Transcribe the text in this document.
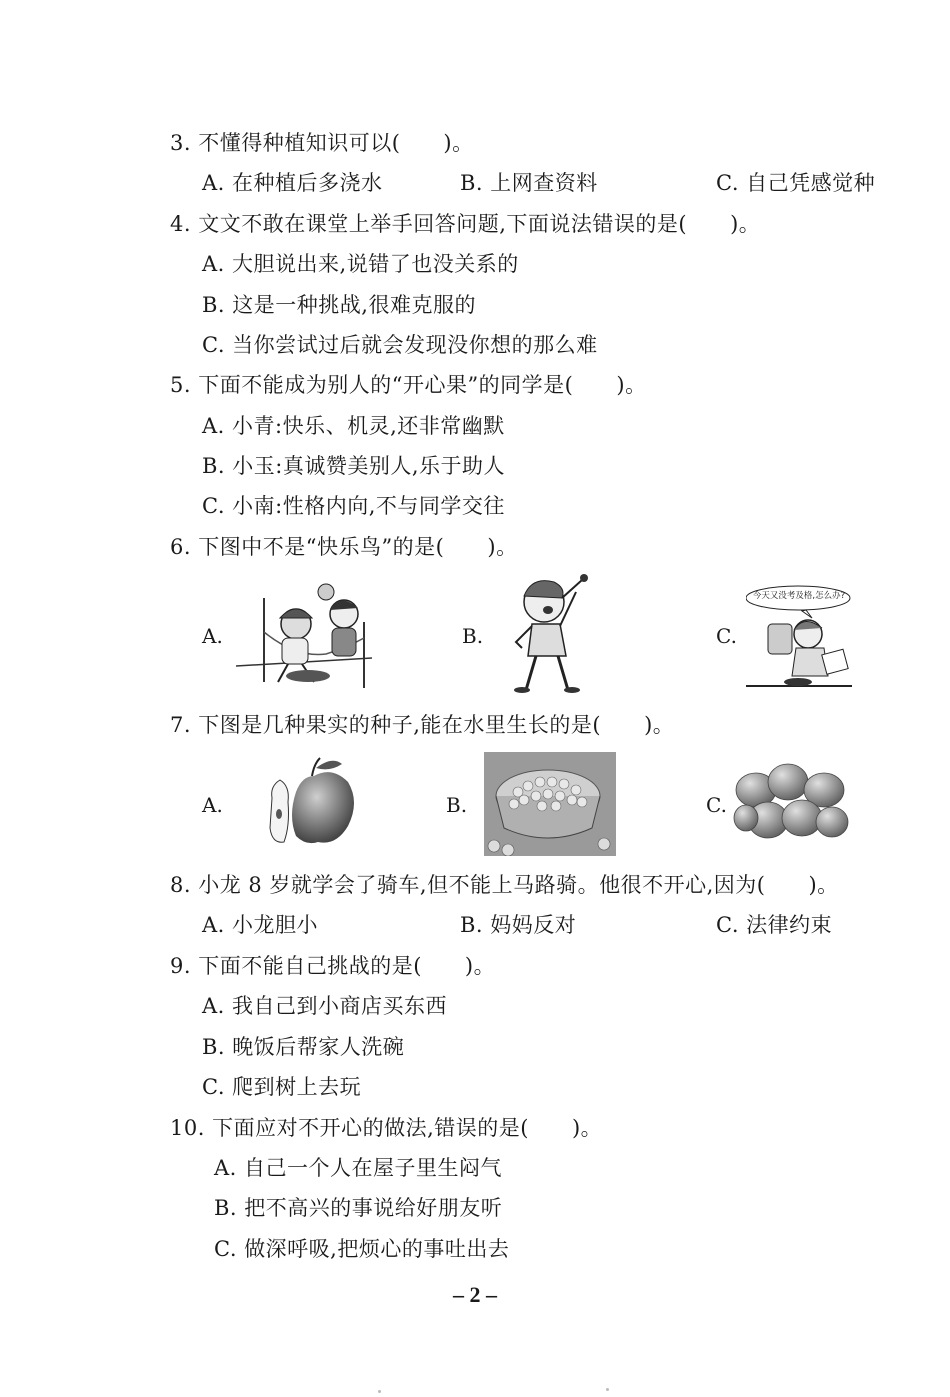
3. 不懂得种植知识可以(　　)。
A. 在种植后多浇水	B. 上网查资料	C. 自己凭感觉种
4. 文文不敢在课堂上举手回答问题,下面说法错误的是(　　)。
A. 大胆说出来,说错了也没关系的
B. 这是一种挑战,很难克服的
C. 当你尝试过后就会发现没你想的那么难
5. 下面不能成为别人的“开心果”的同学是(　　)。
A. 小青:快乐、机灵,还非常幽默
B. 小玉:真诚赞美别人,乐于助人
C. 小南:性格内向,不与同学交往
6. 下图中不是“快乐鸟”的是(　　)。
A.	B.	C.
今天又没考及格,怎么办?
7. 下图是几种果实的种子,能在水里生长的是(　　)。
A.	B.	C.
8. 小龙 8 岁就学会了骑车,但不能上马路骑。他很不开心,因为(　　)。
A. 小龙胆小	B. 妈妈反对	C. 法律约束
9. 下面不能自己挑战的是(　　)。
A. 我自己到小商店买东西
B. 晚饭后帮家人洗碗
C. 爬到树上去玩
10. 下面应对不开心的做法,错误的是(　　)。
A. 自己一个人在屋子里生闷气
B. 把不高兴的事说给好朋友听
C. 做深呼吸,把烦心的事吐出去
– 2 –
